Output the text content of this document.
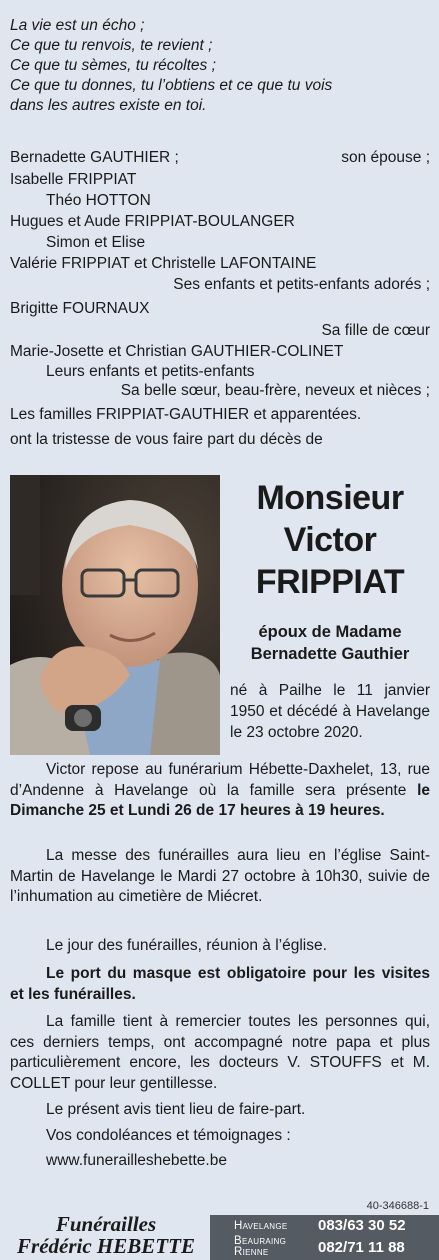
La vie est un écho ;
Ce que tu renvois, te revient ;
Ce que tu sèmes, tu récoltes ;
Ce que tu donnes, tu l’obtiens et ce que tu vois
dans les autres existe en toi.
Bernadette GAUTHIER ;	son épouse ;
Isabelle FRIPPIAT
Théo HOTTON
Hugues et Aude FRIPPIAT-BOULANGER
Simon et Elise
Valérie FRIPPIAT et Christelle LAFONTAINE
Ses enfants et petits-enfants adorés ;
Brigitte FOURNAUX
Sa fille de cœur
Marie-Josette et Christian GAUTHIER-COLINET
Leurs enfants et petits-enfants
Sa belle sœur, beau-frère, neveux et nièces ;
Les familles FRIPPIAT-GAUTHIER et apparentées.
ont la tristesse de vous faire part du décès de
Monsieur
Victor
FRIPPIAT
époux de Madame
Bernadette Gauthier
né à Pailhe le 11 janvier 1950 et décédé à Havelange le 23 octobre 2020.
Victor repose au funérarium Hébette-Daxhelet, 13, rue d’Andenne à Havelange où la famille sera présente le Dimanche 25 et Lundi 26 de 17 heures à 19 heures.
La messe des funérailles aura lieu en l’église Saint-Martin de Havelange le Mardi 27 octobre à 10h30, suivie de l’inhumation au cimetière de Miécret.
Le jour des funérailles, réunion à l’église.
Le port du masque est obligatoire pour les visites et les funérailles.
La famille tient à remercier toutes les personnes qui, ces derniers temps, ont accompagné notre papa et plus particulièrement encore, les docteurs V. STOUFFS et M. COLLET pour leur gentillesse.
Le présent avis tient lieu de faire-part.
Vos condoléances et témoignages :
www.funerailleshebette.be
40-346688-1
Funérailles
Frédéric HEBETTE
Havelange 083/63 30 52
Beauraing
Rienne	082/71 11 88
